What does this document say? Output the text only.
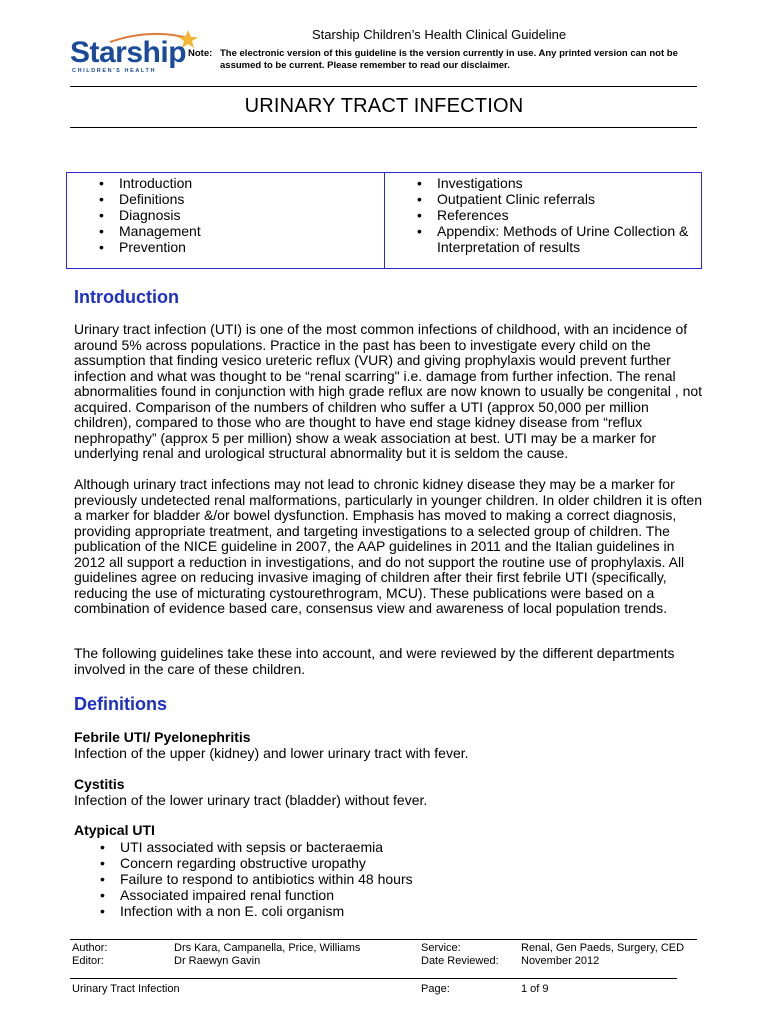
Starship
CHILDREN'S HEALTH
Starship Children’s Health Clinical Guideline
Note: The electronic version of this guideline is the version currently in use. Any printed version can not be assumed to be current. Please remember to read our disclaimer.
URINARY TRACT INFECTION
• Introduction
• Definitions
• Diagnosis
• Management
• Prevention
• Investigations
• Outpatient Clinic referrals
• References
• Appendix: Methods of Urine Collection & Interpretation of results
Introduction

Urinary tract infection (UTI) is one of the most common infections of childhood, with an incidence of around 5% across populations. Practice in the past has been to investigate every child on the assumption that finding vesico ureteric reflux (VUR) and giving prophylaxis would prevent further infection and what was thought to be “renal scarring" i.e. damage from further infection. The renal abnormalities found in conjunction with high grade reflux are now known to usually be congenital , not acquired. Comparison of the numbers of children who suffer a UTI (approx 50,000 per million children), compared to those who are thought to have end stage kidney disease from “reflux nephropathy” (approx 5 per million) show a weak association at best. UTI may be a marker for underlying renal and urological structural abnormality but it is seldom the cause.

Although urinary tract infections may not lead to chronic kidney disease they may be a marker for previously undetected renal malformations, particularly in younger children. In older children it is often a marker for bladder &/or bowel dysfunction. Emphasis has moved to making a correct diagnosis, providing appropriate treatment, and targeting investigations to a selected group of children. The publication of the NICE guideline in 2007, the AAP guidelines in 2011 and the Italian guidelines in 2012 all support a reduction in investigations, and do not support the routine use of prophylaxis. All guidelines agree on reducing invasive imaging of children after their first febrile UTI (specifically, reducing the use of micturating cystourethrogram, MCU). These publications were based on a combination of evidence based care, consensus view and awareness of local population trends.

The following guidelines take these into account, and were reviewed by the different departments involved in the care of these children.

Definitions
Febrile UTI/ Pyelonephritis
Infection of the upper (kidney) and lower urinary tract with fever.
Cystitis
Infection of the lower urinary tract (bladder) without fever.
Atypical UTI
• UTI associated with sepsis or bacteraemia
• Concern regarding obstructive uropathy
• Failure to respond to antibiotics within 48 hours
• Associated impaired renal function
• Infection with a non E. coli organism
Author:	Drs Kara, Campanella, Price, Williams	Service:	Renal, Gen Paeds, Surgery, CED
Editor:	Dr Raewyn Gavin	Date Reviewed: November 2012
Urinary Tract Infection	Page:	1 of 9
